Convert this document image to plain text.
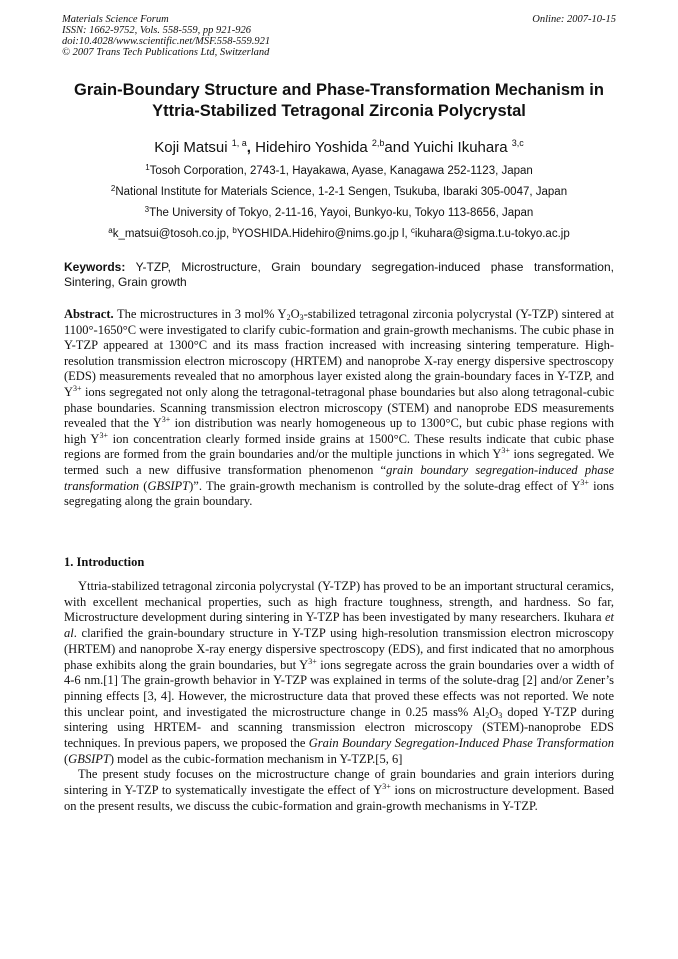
Materials Science Forum
ISSN: 1662-9752, Vols. 558-559, pp 921-926
doi:10.4028/www.scientific.net/MSF.558-559.921
© 2007 Trans Tech Publications Ltd, Switzerland
Online: 2007-10-15
Grain-Boundary Structure and Phase-Transformation Mechanism in
Yttria-Stabilized Tetragonal Zirconia Polycrystal
Koji Matsui $^{1, a}$, Hidehiro Yoshida $^{2,b}$and Yuichi Ikuhara $^{3,c}$
$^1$Tosoh Corporation, 2743-1, Hayakawa, Ayase, Kanagawa 252-1123, Japan
$^2$National Institute for Materials Science, 1-2-1 Sengen, Tsukuba, Ibaraki 305-0047, Japan
$^3$The University of Tokyo, 2-11-16, Yayoi, Bunkyo-ku, Tokyo 113-8656, Japan
$^a$k_matsui@tosoh.co.jp, $^b$YOSHIDA.Hidehiro@nims.go.jp l, $^c$ikuhara@sigma.t.u-tokyo.ac.jp
Keywords: Y-TZP, Microstructure, Grain boundary segregation-induced phase transformation, Sintering, Grain growth
Abstract. The microstructures in 3 mol% $Y_2O_3$-stabilized tetragonal zirconia polycrystal (Y-TZP) sintered at 1100°-1650°C were investigated to clarify cubic-formation and grain-growth mechanisms. The cubic phase in Y-TZP appeared at 1300°C and its mass fraction increased with increasing sintering temperature. High-resolution transmission electron microscopy (HRTEM) and nanoprobe X-ray energy dispersive spectroscopy (EDS) measurements revealed that no amorphous layer existed along the grain-boundary faces in Y-TZP, and $Y^{3+}$ ions segregated not only along the tetragonal-tetragonal phase boundaries but also along tetragonal-cubic phase boundaries. Scanning transmission electron microscopy (STEM) and nanoprobe EDS measurements revealed that the $Y^{3+}$ ion distribution was nearly homogeneous up to 1300°C, but cubic phase regions with high $Y^{3+}$ ion concentration clearly formed inside grains at 1500°C. These results indicate that cubic phase regions are formed from the grain boundaries and/or the multiple junctions in which $Y^{3+}$ ions segregated. We termed such a new diffusive transformation phenomenon “grain boundary segregation-induced phase transformation (GBSIPT)”. The grain-growth mechanism is controlled by the solute-drag effect of $Y^{3+}$ ions segregating along the grain boundary.
1. Introduction

Yttria-stabilized tetragonal zirconia polycrystal (Y-TZP) has proved to be an important structural ceramics, with excellent mechanical properties, such as high fracture toughness, strength, and hardness. So far, Microstructure development during sintering in Y-TZP has been investigated by many researchers. Ikuhara et al. clarified the grain-boundary structure in Y-TZP using high-resolution transmission electron microscopy (HRTEM) and nanoprobe X-ray energy dispersive spectroscopy (EDS), and first indicated that no amorphous phase exhibits along the grain boundaries, but $Y^{3+}$ ions segregate across the grain boundaries over a width of 4-6 nm.[1] The grain-growth behavior in Y-TZP was explained in terms of the solute-drag [2] and/or Zener’s pinning effects [3, 4]. However, the microstructure data that proved these effects was not reported. We note this unclear point, and investigated the microstructure change in 0.25 mass% $Al_2O_3$ doped Y-TZP during sintering using HRTEM- and scanning transmission electron microscopy (STEM)-nanoprobe EDS techniques. In previous papers, we proposed the Grain Boundary Segregation-Induced Phase Transformation (GBSIPT) model as the cubic-formation mechanism in Y-TZP.[5, 6]

The present study focuses on the microstructure change of grain boundaries and grain interiors during sintering in Y-TZP to systematically investigate the effect of $Y^{3+}$ ions on microstructure development. Based on the present results, we discuss the cubic-formation and grain-growth mechanisms in Y-TZP.
